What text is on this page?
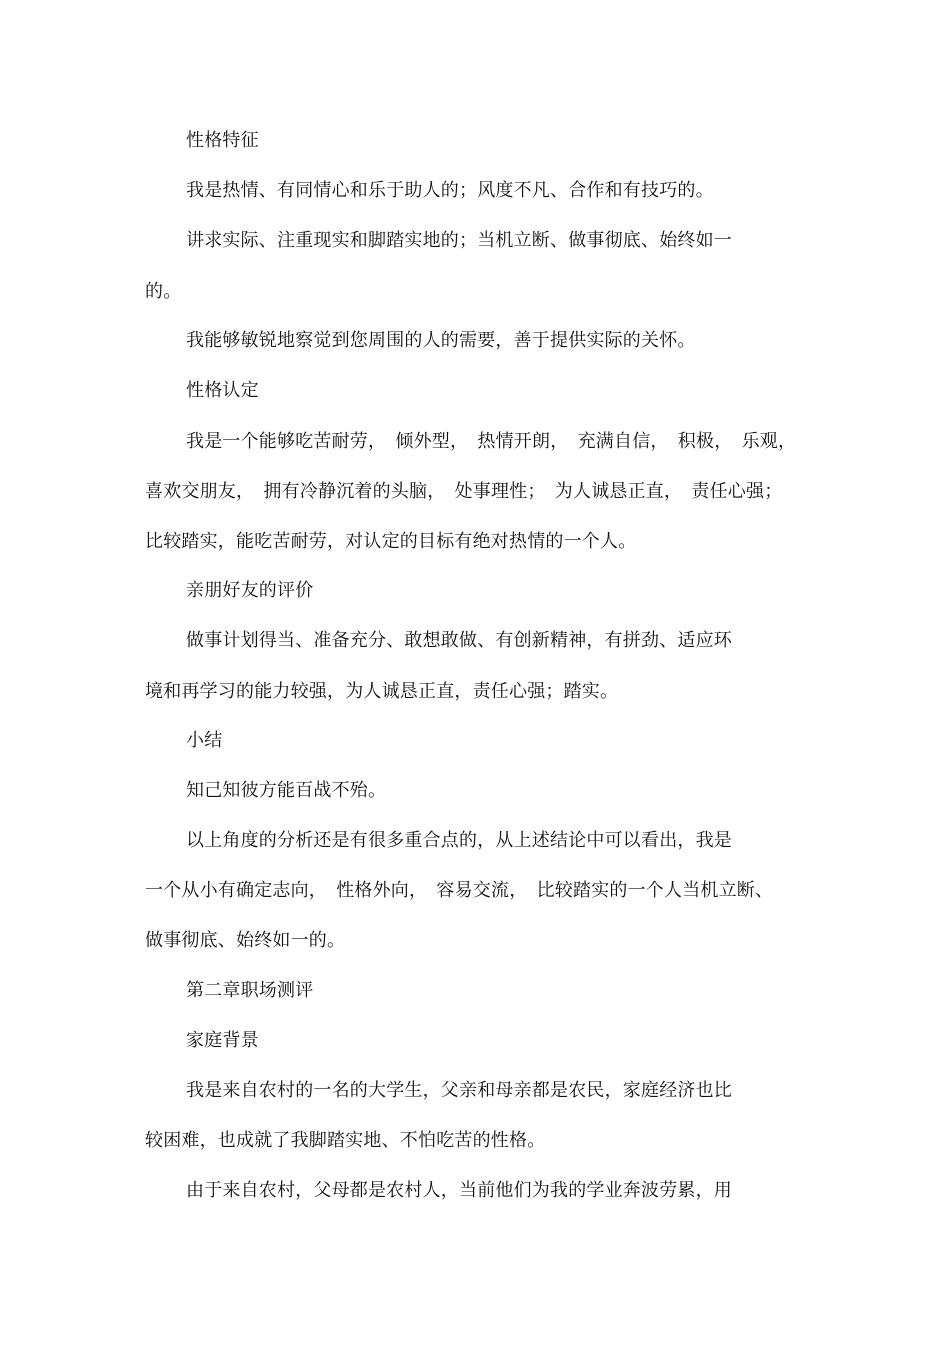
性格特征
我是热情、有同情心和乐于助人的；风度不凡、合作和有技巧的。
讲求实际、注重现实和脚踏实地的；当机立断、做事彻底、始终如一
的。
我能够敏锐地察觉到您周围的人的需要，善于提供实际的关怀。
性格认定
我是一个能够吃苦耐劳，　倾外型，　热情开朗，　充满自信，　积极，　乐观，
喜欢交朋友，　拥有冷静沉着的头脑，　处事理性；　为人诚恳正直，　责任心强；
比较踏实，能吃苦耐劳，对认定的目标有绝对热情的一个人。
亲朋好友的评价
做事计划得当、准备充分、敢想敢做、有创新精神，有拼劲、适应环
境和再学习的能力较强，为人诚恳正直，责任心强；踏实。
小结
知己知彼方能百战不殆。
以上角度的分析还是有很多重合点的，从上述结论中可以看出，我是
一个从小有确定志向，　性格外向，　容易交流，　比较踏实的一个人当机立断、
做事彻底、始终如一的。
第二章职场测评
家庭背景
我是来自农村的一名的大学生，父亲和母亲都是农民，家庭经济也比
较困难，也成就了我脚踏实地、不怕吃苦的性格。
由于来自农村，父母都是农村人，当前他们为我的学业奔波劳累，用
